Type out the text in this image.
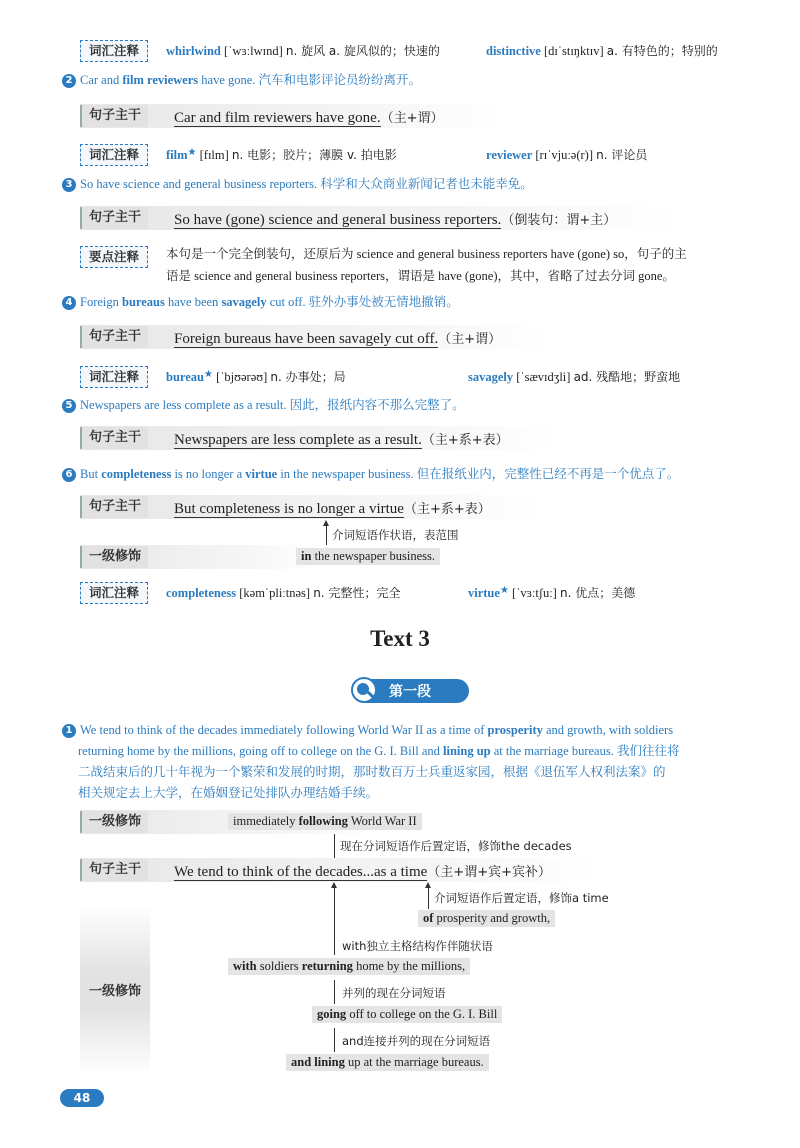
词汇注释	whirlwind [ˈwɜːlwɪnd] n. 旋风 a. 旋风似的；快速的	distinctive [dɪˈstɪŋktɪv] a. 有特色的；特别的
2 Car and film reviewers have gone. 汽车和电影评论员纷纷离开。
句子主干	Car and film reviewers have gone.（主+谓）
词汇注释	film★ [fɪlm] n. 电影；胶片；薄膜 v. 拍电影	reviewer [rɪˈvjuːə(r)] n. 评论员
3 So have science and general business reporters. 科学和大众商业新闻记者也未能幸免。
句子主干	So have (gone) science and general business reporters.（倒装句：谓+主）
要点注释	本句是一个完全倒装句，还原后为 science and general business reporters have (gone) so，句子的主
语是 science and general business reporters，谓语是 have (gone)，其中，省略了过去分词 gone。
4 Foreign bureaus have been savagely cut off. 驻外办事处被无情地撤销。
句子主干	Foreign bureaus have been savagely cut off.（主+谓）
词汇注释	bureau★ [ˈbjʊərəʊ] n. 办事处；局	savagely [ˈsævɪdʒli] ad. 残酷地；野蛮地
5 Newspapers are less complete as a result. 因此，报纸内容不那么完整了。
句子主干	Newspapers are less complete as a result.（主+系+表）
6 But completeness is no longer a virtue in the newspaper business. 但在报纸业内，完整性已经不再是一个优点了。
句子主干	But completeness is no longer a virtue（主+系+表）
介词短语作状语，表范围
一级修饰	in the newspaper business.
词汇注释	completeness [kəmˈpliːtnəs] n. 完整性；完全	virtue★ [ˈvɜːtʃuː] n. 优点；美德
Text 3
第一段
1 We tend to think of the decades immediately following World War II as a time of prosperity and growth, with soldiers
returning home by the millions, going off to college on the G. I. Bill and lining up at the marriage bureaus. 我们往往将
二战结束后的几十年视为一个繁荣和发展的时期，那时数百万士兵重返家园，根据《退伍军人权利法案》的
相关规定去上大学，在婚姻登记处排队办理结婚手续。
一级修饰	immediately following World War II
现在分词短语作后置定语，修饰the decades
句子主干	We tend to think of the decades...as a time（主+谓+宾+宾补）
一级修饰
介词短语作后置定语，修饰a time
of prosperity and growth,
with独立主格结构作伴随状语
with soldiers returning home by the millions,
并列的现在分词短语
going off to college on the G. I. Bill
and连接并列的现在分词短语
and lining up at the marriage bureaus.
48
